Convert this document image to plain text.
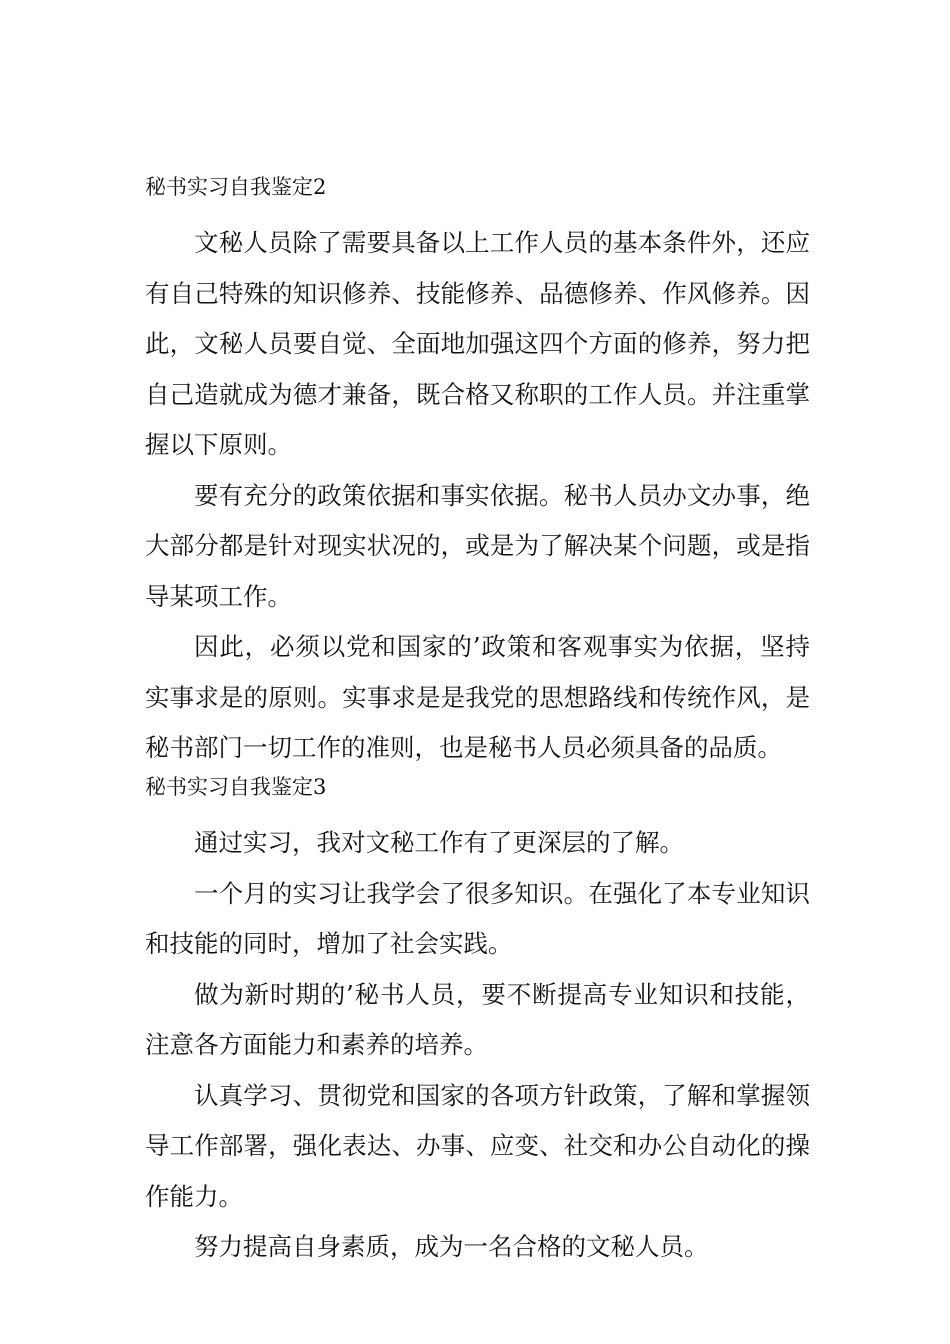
秘书实习自我鉴定2

文秘人员除了需要具备以上工作人员的基本条件外，还应有自己特殊的知识修养、技能修养、品德修养、作风修养。因此，文秘人员要自觉、全面地加强这四个方面的修养，努力把自己造就成为德才兼备，既合格又称职的工作人员。并注重掌握以下原则。

要有充分的政策依据和事实依据。秘书人员办文办事，绝大部分都是针对现实状况的，或是为了解决某个问题，或是指导某项工作。

因此，必须以党和国家的’政策和客观事实为依据，坚持实事求是的原则。实事求是是我党的思想路线和传统作风，是秘书部门一切工作的准则，也是秘书人员必须具备的品质。

秘书实习自我鉴定3

通过实习，我对文秘工作有了更深层的了解。

一个月的实习让我学会了很多知识。在强化了本专业知识和技能的同时，增加了社会实践。

做为新时期的’秘书人员，要不断提高专业知识和技能，注意各方面能力和素养的培养。

认真学习、贯彻党和国家的各项方针政策，了解和掌握领导工作部署，强化表达、办事、应变、社交和办公自动化的操作能力。

努力提高自身素质，成为一名合格的文秘人员。
